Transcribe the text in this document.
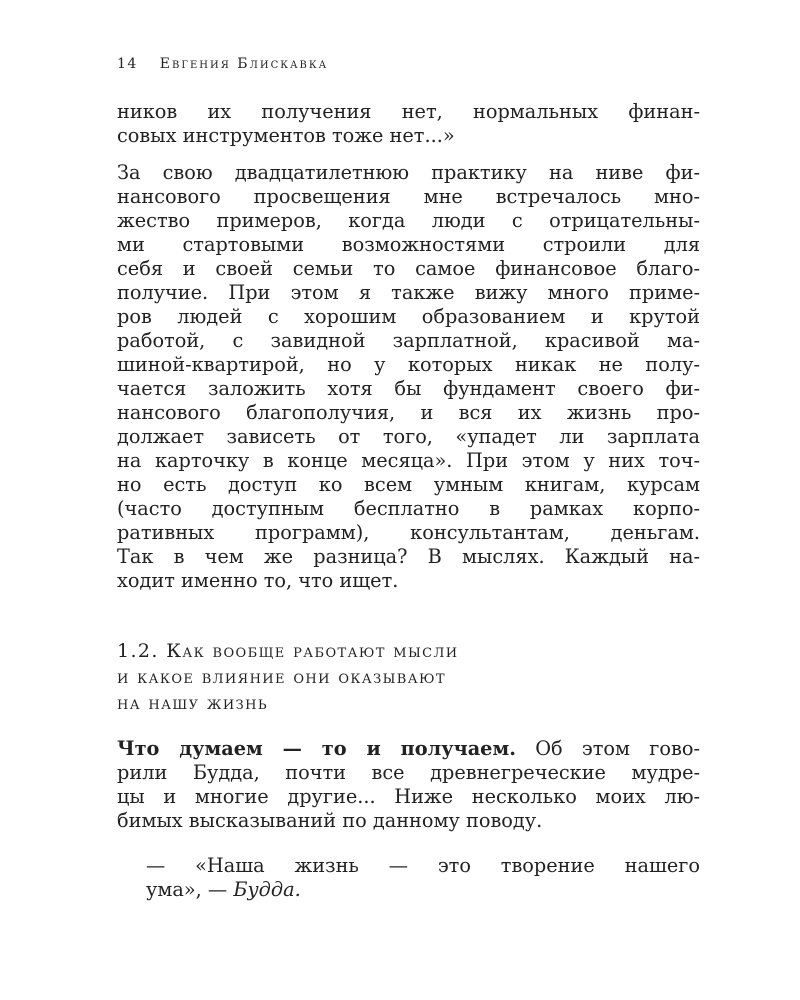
14 Евгения Блискавка
ников их получения нет, нормальных финан-
совых инструментов тоже нет...»
За свою двадцатилетнюю практику на ниве фи-
нансового просвещения мне встречалось мно-
жество примеров, когда люди с отрицательны-
ми стартовыми возможностями строили для
себя и своей семьи то самое финансовое благо-
получие. При этом я также вижу много приме-
ров людей с хорошим образованием и крутой
работой, с завидной зарплатной, красивой ма-
шиной-квартирой, но у которых никак не полу-
чается заложить хотя бы фундамент своего фи-
нансового благополучия, и вся их жизнь про-
должает зависеть от того, «упадет ли зарплата
на карточку в конце месяца». При этом у них точ-
но есть доступ ко всем умным книгам, курсам
(часто доступным бесплатно в рамках корпо-
ративных программ), консультантам, деньгам.
Так в чем же разница? В мыслях. Каждый на-
ходит именно то, что ищет.
1.2. Как вообще работают мысли
и какое влияние они оказывают
на нашу жизнь
Что думаем — то и получаем. Об этом гово-
рили Будда, почти все древнегреческие мудре-
цы и многие другие... Ниже несколько моих лю-
бимых высказываний по данному поводу.
— «Наша жизнь — это творение нашего
ума», — Будда.
